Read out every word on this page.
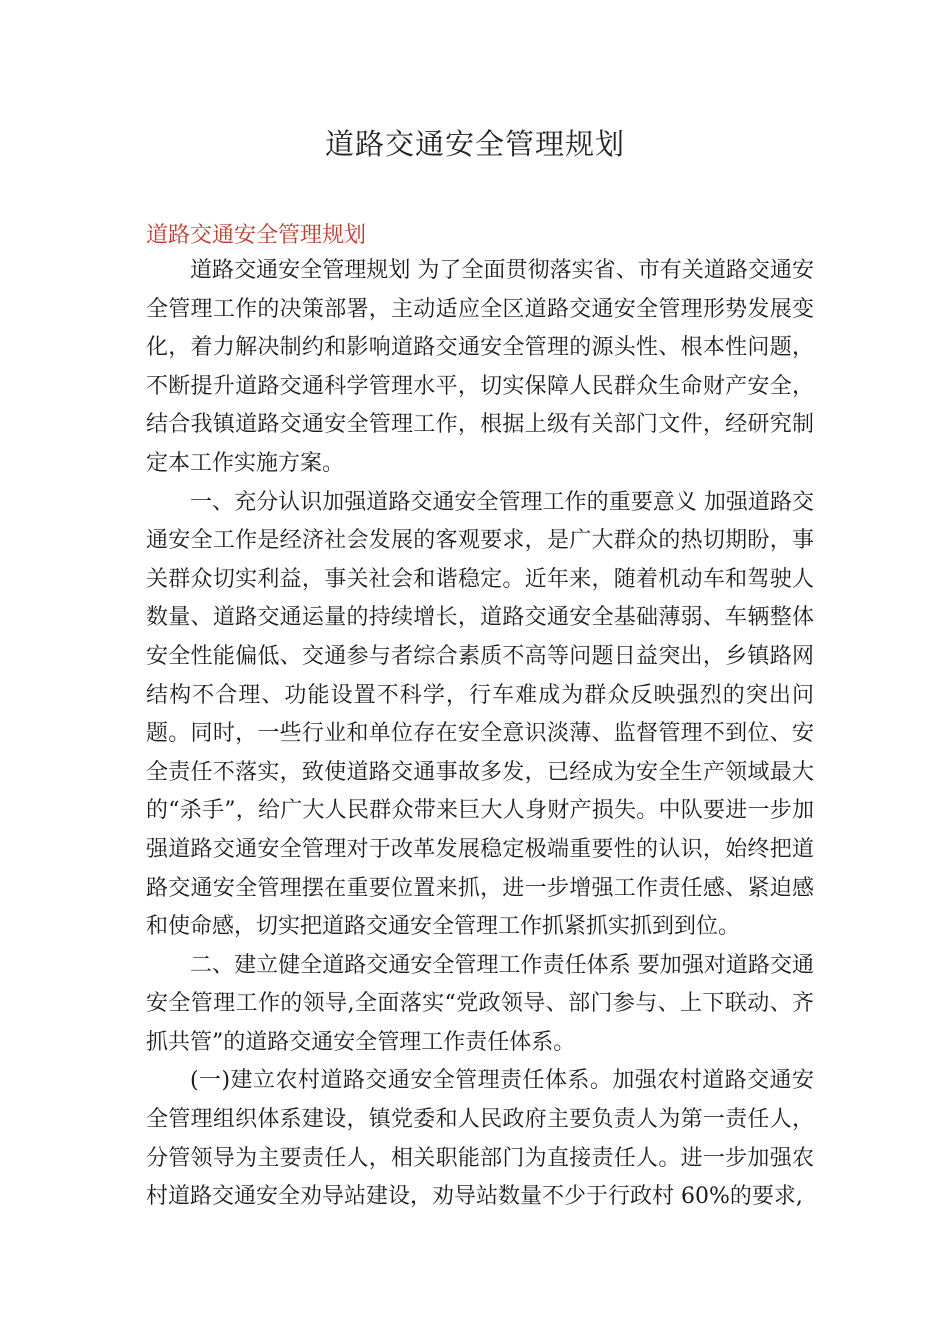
道路交通安全管理规划
道路交通安全管理规划

道路交通安全管理规划 为了全面贯彻落实省、市有关道路交通安全管理工作的决策部署，主动适应全区道路交通安全管理形势发展变化，着力解决制约和影响道路交通安全管理的源头性、根本性问题，不断提升道路交通科学管理水平，切实保障人民群众生命财产安全，结合我镇道路交通安全管理工作，根据上级有关部门文件，经研究制定本工作实施方案。

一、充分认识加强道路交通安全管理工作的重要意义 加强道路交通安全工作是经济社会发展的客观要求，是广大群众的热切期盼，事关群众切实利益，事关社会和谐稳定。近年来，随着机动车和驾驶人数量、道路交通运量的持续增长，道路交通安全基础薄弱、车辆整体安全性能偏低、交通参与者综合素质不高等问题日益突出，乡镇路网结构不合理、功能设置不科学，行车难成为群众反映强烈的突出问题。同时，一些行业和单位存在安全意识淡薄、监督管理不到位、安全责任不落实，致使道路交通事故多发，已经成为安全生产领域最大的“杀手”，给广大人民群众带来巨大人身财产损失。中队要进一步加强道路交通安全管理对于改革发展稳定极端重要性的认识，始终把道路交通安全管理摆在重要位置来抓，进一步增强工作责任感、紧迫感和使命感，切实把道路交通安全管理工作抓紧抓实抓到到位。

二、建立健全道路交通安全管理工作责任体系 要加强对道路交通安全管理工作的领导,全面落实“党政领导、部门参与、上下联动、齐抓共管”的道路交通安全管理工作责任体系。

(一)建立农村道路交通安全管理责任体系。加强农村道路交通安全管理组织体系建设，镇党委和人民政府主要负责人为第一责任人，分管领导为主要责任人，相关职能部门为直接责任人。进一步加强农村道路交通安全劝导站建设，劝导站数量不少于行政村 60%的要求,
